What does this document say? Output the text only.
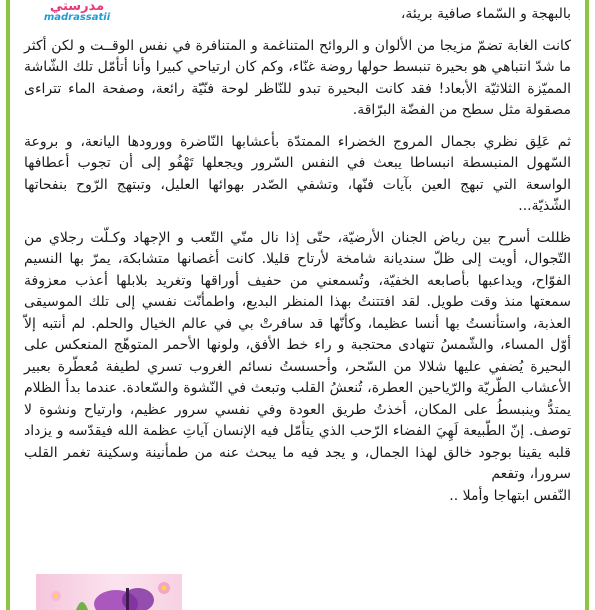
مدرستي
madrassatii	بالبهجة و السّماء صافية بريئة،

كانت الغابة تضمّ مزيجا من الألوان و الروائح المتناغمة و المتنافرة في نفس الوقــت و لكن أكثر ما شدّ انتباهي هو بحيرة تنبسط حولها روضة غنّاء، وكم كان ارتياحي كبيرا وأنا أتأمّل تلك الشّاشة المميّزة الثلاثيّة الأبعاد! فقد كانت البحيرة تبدو للنّاظر لوحة فنّيّة رائعة، وصفحة الماء تتراءى مصقولة مثل سطح من الفضّة البرّاقة.

ثم عَلِق نظري بجمال المروج الخضراء الممتدّة بأعشابها النّاضرة وورودها اليانعة، و بروعة السّهول المنبسطة انبساطا يبعث في النفس السّرور ويجعلها تَهْفُو إلى أن تجوب أعطافها الواسعة التي تبهج العين بآيات فنّها، وتشفي الصّدر بهوائها العليل، وتبتهج الرّوح بنفحاتها الشّذيّة...

ظللت أسرح بين رياض الجنان الأرضيّة، حتّى إذا نال منّي التّعب و الإجهاد وكـلّت رجلاي من التّجوال، أويت إلى ظلّ سنديانة شامخة لأرتاح قليلا. كانت أغصانها متشابكة، يمرّ بها النسيم الفوّاح، ويداعبها بأصابعه الخفيّة، وتُسمعني من حفيف أوراقها وتغريد بلابلها أعذب معزوفة سمعتها منذ وقت طويل. لقد افتتنتُ بهذا المنظر البديع، واطمأنّت نفسي إلى تلك الموسيقى العذبة، واستأنستُ بها أنسا عظيما، وكأنّها قد سافرتْ بي في عالم الخيال والحلم. لم أنتبه إلاّ أوّل المساء، والشّمسُ تتهادى محتجبة و راء خط الأفق، ولونها الأحمر المتوهّج المنعكس على البحيرة يُضفي عليها شلالا من السّحر، وأحسستُ نسائم الغروب تسري لطيفة مُعطّرة بعبير الأعشاب الطّريّة والرّياحين العطرة، تُنعشُ القلب وتبعث في النّشوة والسّعادة. عندما بدأ الظلام يمتدُّ وينبسطُ على المكان، أخذتُ طريق العودة وفي نفسي سرور عظيم، وارتياح ونشوة لا توصف. إنّ الطّبيعة لَهِيَ الفضاء الرّحب الذي يتأمّل فيه الإنسان آياتِ عظمة الله فيقدّسه و يزداد قلبه يقينا بوجود خالق لهذا الجمال، و يجد فيه ما يبحث عنه من طمأنينة وسكينة تغمر القلب سرورا، وتفعم

النّفس ابتهاجا وأملا ..
